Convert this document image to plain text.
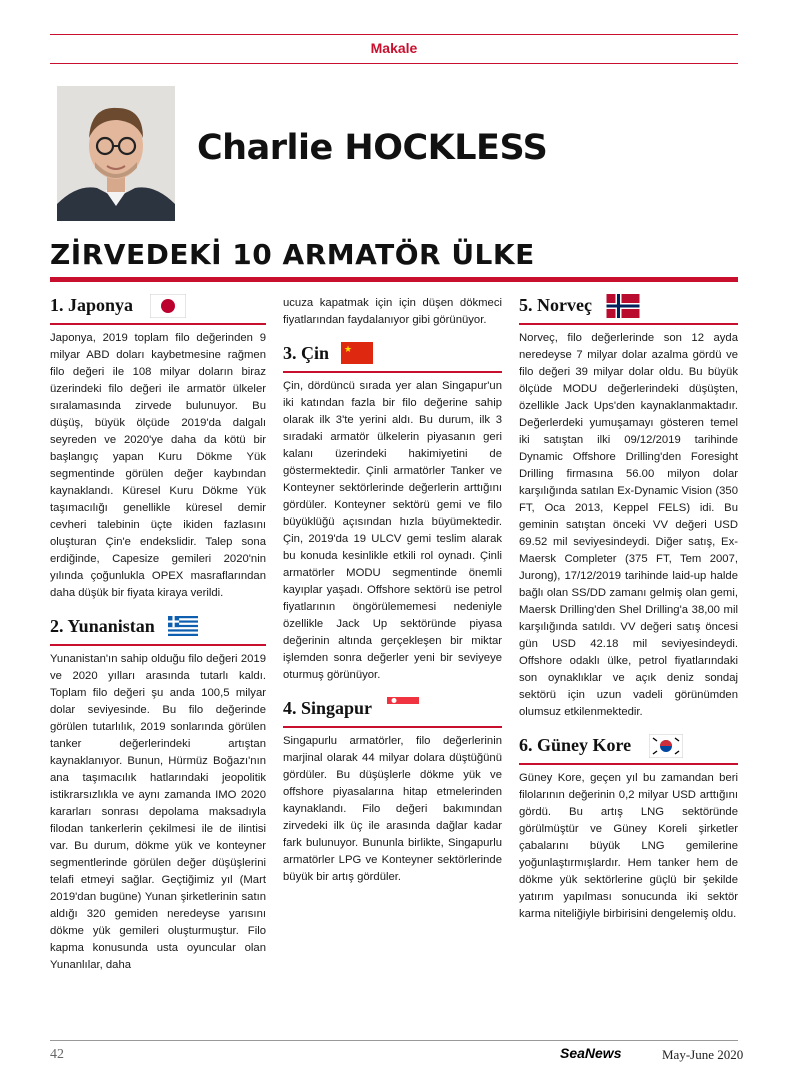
Makale
Charlie HOCKLESS
ZİRVEDEKİ 10 ARMATÖR ÜLKE
1. Japonya

Japonya, 2019 toplam filo değerinden 9 milyar ABD doları kaybetmesine rağmen filo değeri ile 108 milyar doların biraz üzerindeki filo değeri ile armatör ülkeler sıralamasında zirvede bulunuyor. Bu düşüş, büyük ölçüde 2019'da dalgalı seyreden ve 2020'ye daha da kötü bir başlangıç yapan Kuru Dökme Yük segmentinde görülen değer kaybından kaynaklandı. Küresel Kuru Dökme Yük taşımacılığı genellikle küresel demir cevheri talebinin üçte ikiden fazlasını oluşturan Çin'e endekslidir. Talep sona erdiğinde, Capesize gemileri 2020'nin yılında çoğunlukla OPEX masraflarından daha düşük bir fiyata kiraya verildi.

2. Yunanistan

Yunanistan'ın sahip olduğu filo değeri 2019 ve 2020 yılları arasında tutarlı kaldı. Toplam filo değeri şu anda 100,5 milyar dolar seviyesinde. Bu filo değerinde görülen tutarlılık, 2019 sonlarında görülen tanker değerlerindeki artıştan kaynaklanıyor. Bunun, Hürmüz Boğazı'nın ana taşımacılık hatlarındaki jeopolitik istikrarsızlıkla ve aynı zamanda IMO 2020 kararları sonrası depolama maksadıyla filodan tankerlerin çekilmesi ile de ilintisi var. Bu durum, dökme yük ve konteyner segmentlerinde görülen değer düşüşlerini telafi etmeyi sağlar. Geçtiğimiz yıl (Mart 2019'dan bugüne) Yunan şirketlerinin satın aldığı 320 gemiden neredeyse yarısını dökme yük gemileri oluşturmuştur. Filo kapma konusunda usta oyuncular olan Yunanlılar, daha

ucuza kapatmak için için düşen dökmeci fiyatlarından faydalanıyor gibi görünüyor.

3. Çin ★

Çin, dördüncü sırada yer alan Singapur'un iki katından fazla bir filo değerine sahip olarak ilk 3'te yerini aldı. Bu durum, ilk 3 sıradaki armatör ülkelerin piyasanın geri kalanı üzerindeki hakimiyetini de göstermektedir. Çinli armatörler Tanker ve Konteyner sektörlerinde değerlerin arttığını gördüler. Konteyner sektörü gemi ve filo büyüklüğü açısından hızla büyümektedir. Çin, 2019'da 19 ULCV gemi teslim alarak bu konuda kesinlikle etkili rol oynadı. Çinli armatörler MODU segmentinde önemli kayıplar yaşadı. Offshore sektörü ise petrol fiyatlarının öngörülememesi nedeniyle özellikle Jack Up sektöründe piyasa değerinin altında gerçekleşen bir miktar işlemden sonra değerler yeni bir seviyeye oturmuş görünüyor.

4. Singapur

Singapurlu armatörler, filo değerlerinin marjinal olarak 44 milyar dolara düştüğünü gördüler. Bu düşüşlerle dökme yük ve offshore piyasalarına hitap etmelerinden kaynaklandı. Filo değeri bakımından zirvedeki ilk üç ile arasında dağlar kadar fark bulunuyor. Bununla birlikte, Singapurlu armatörler LPG ve Konteyner sektörlerinde büyük bir artış gördüler.

5. Norveç

Norveç, filo değerlerinde son 12 ayda neredeyse 7 milyar dolar azalma gördü ve filo değeri 39 milyar dolar oldu. Bu büyük ölçüde MODU değerlerindeki düşüşten, özellikle Jack Ups'den kaynaklanmaktadır. Değerlerdeki yumuşamayı gösteren temel iki satıştan ilki 09/12/2019 tarihinde Dynamic Offshore Drilling'den Foresight Drilling firmasına 56.00 milyon dolar karşılığında satılan Ex-Dynamic Vision (350 FT, Oca 2013, Keppel FELS) idi. Bu geminin satıştan önceki VV değeri USD 69.52 mil seviyesindeydi. Diğer satış, Ex-Maersk Completer (375 FT, Tem 2007, Jurong), 17/12/2019 tarihinde laid-up halde bağlı olan SS/DD zamanı gelmiş olan gemi, Maersk Drilling'den Shel Drilling'a 38,00 mil karşılığında satıldı. VV değeri satış öncesi gün USD 42.18 mil seviyesindeydi. Offshore odaklı ülke, petrol fiyatlarındaki son oynaklıklar ve açık deniz sondaj sektörü için uzun vadeli görünümden olumsuz etkilenmektedir.

6. Güney Kore

Güney Kore, geçen yıl bu zamandan beri filolarının değerinin 0,2 milyar USD arttığını gördü. Bu artış LNG sektöründe görülmüştür ve Güney Koreli şirketler çabalarını büyük LNG gemilerine yoğunlaştırmışlardır. Hem tanker hem de dökme yük sektörlerine güçlü bir şekilde yatırım yapılması sonucunda iki sektör karma niteliğiyle birbirisini dengelemiş oldu.

42	SeaNews	May-June 2020
